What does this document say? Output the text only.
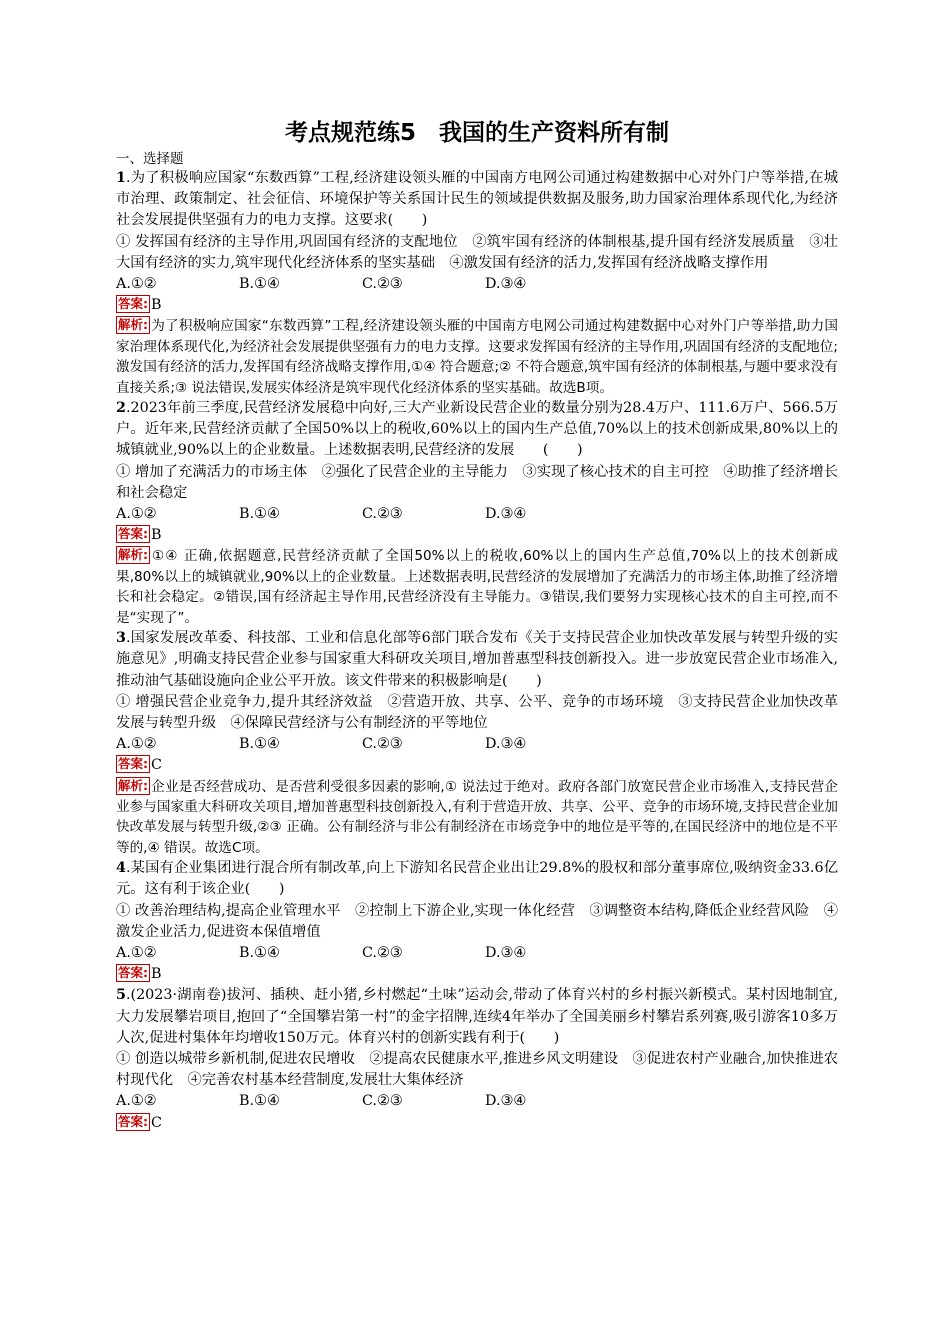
考点规范练5　我国的生产资料所有制

一、选择题

1.为了积极响应国家“东数西算”工程,经济建设领头雁的中国南方电网公司通过构建数据中心对外门户等举措,在城市治理、政策制定、社会征信、环境保护等关系国计民生的领域提供数据及服务,助力国家治理体系现代化,为经济社会发展提供坚强有力的电力支撑。这要求(　　)

① 发挥国有经济的主导作用,巩固国有经济的支配地位　②筑牢国有经济的体制根基,提升国有经济发展质量　③壮大国有经济的实力,筑牢现代化经济体系的坚实基础　④激发国有经济的活力,发挥国有经济战略支撑作用

A.①②	B.①④	C.②③	D.③④

答案: B

解析: 为了积极响应国家“东数西算”工程,经济建设领头雁的中国南方电网公司通过构建数据中心对外门户等举措,助力国家治理体系现代化,为经济社会发展提供坚强有力的电力支撑。这要求发挥国有经济的主导作用,巩固国有经济的支配地位;激发国有经济的活力,发挥国有经济战略支撑作用,①④ 符合题意;② 不符合题意,筑牢国有经济的体制根基,与题中要求没有直接关系;③ 说法错误,发展实体经济是筑牢现代化经济体系的坚实基础。故选B项。

2.2023年前三季度,民营经济发展稳中向好,三大产业新设民营企业的数量分别为28.4万户、111.6万户、566.5万户。近年来,民营经济贡献了全国50%以上的税收,60%以上的国内生产总值,70%以上的技术创新成果,80%以上的城镇就业,90%以上的企业数量。上述数据表明,民营经济的发展　　(　　)

① 增加了充满活力的市场主体　②强化了民营企业的主导能力　③实现了核心技术的自主可控　④助推了经济增长和社会稳定

A.①②	B.①④	C.②③	D.③④

答案: B

解析: ①④ 正确,依据题意,民营经济贡献了全国50%以上的税收,60%以上的国内生产总值,70%以上的技术创新成果,80%以上的城镇就业,90%以上的企业数量。上述数据表明,民营经济的发展增加了充满活力的市场主体,助推了经济增长和社会稳定。②错误,国有经济起主导作用,民营经济没有主导能力。③错误,我们要努力实现核心技术的自主可控,而不是“实现了”。

3.国家发展改革委、科技部、工业和信息化部等6部门联合发布《关于支持民营企业加快改革发展与转型升级的实施意见》,明确支持民营企业参与国家重大科研攻关项目,增加普惠型科技创新投入。进一步放宽民营企业市场准入,推动油气基础设施向企业公平开放。该文件带来的积极影响是(　　)

① 增强民营企业竞争力,提升其经济效益　②营造开放、共享、公平、竞争的市场环境　③支持民营企业加快改革发展与转型升级　④保障民营经济与公有制经济的平等地位

A.①②	B.①④	C.②③	D.③④

答案: C

解析: 企业是否经营成功、是否营利受很多因素的影响,① 说法过于绝对。政府各部门放宽民营企业市场准入,支持民营企业参与国家重大科研攻关项目,增加普惠型科技创新投入,有利于营造开放、共享、公平、竞争的市场环境,支持民营企业加快改革发展与转型升级,②③ 正确。公有制经济与非公有制经济在市场竞争中的地位是平等的,在国民经济中的地位是不平等的,④ 错误。故选C项。

4.某国有企业集团进行混合所有制改革,向上下游知名民营企业出让29.8%的股权和部分董事席位,吸纳资金33.6亿元。这有利于该企业(　　)

① 改善治理结构,提高企业管理水平　②控制上下游企业,实现一体化经营　③调整资本结构,降低企业经营风险　④激发企业活力,促进资本保值增值

A.①②	B.①④	C.②③	D.③④

答案: B

5.(2023·湖南卷)拔河、插秧、赶小猪,乡村燃起“土味”运动会,带动了体育兴村的乡村振兴新模式。某村因地制宜,大力发展攀岩项目,抱回了“全国攀岩第一村”的金字招牌,连续4年举办了全国美丽乡村攀岩系列赛,吸引游客10多万人次,促进村集体年均增收150万元。体育兴村的创新实践有利于(　　)

① 创造以城带乡新机制,促进农民增收　②提高农民健康水平,推进乡风文明建设　③促进农村产业融合,加快推进农村现代化　④完善农村基本经营制度,发展壮大集体经济

A.①②	B.①④	C.②③	D.③④

答案: C
